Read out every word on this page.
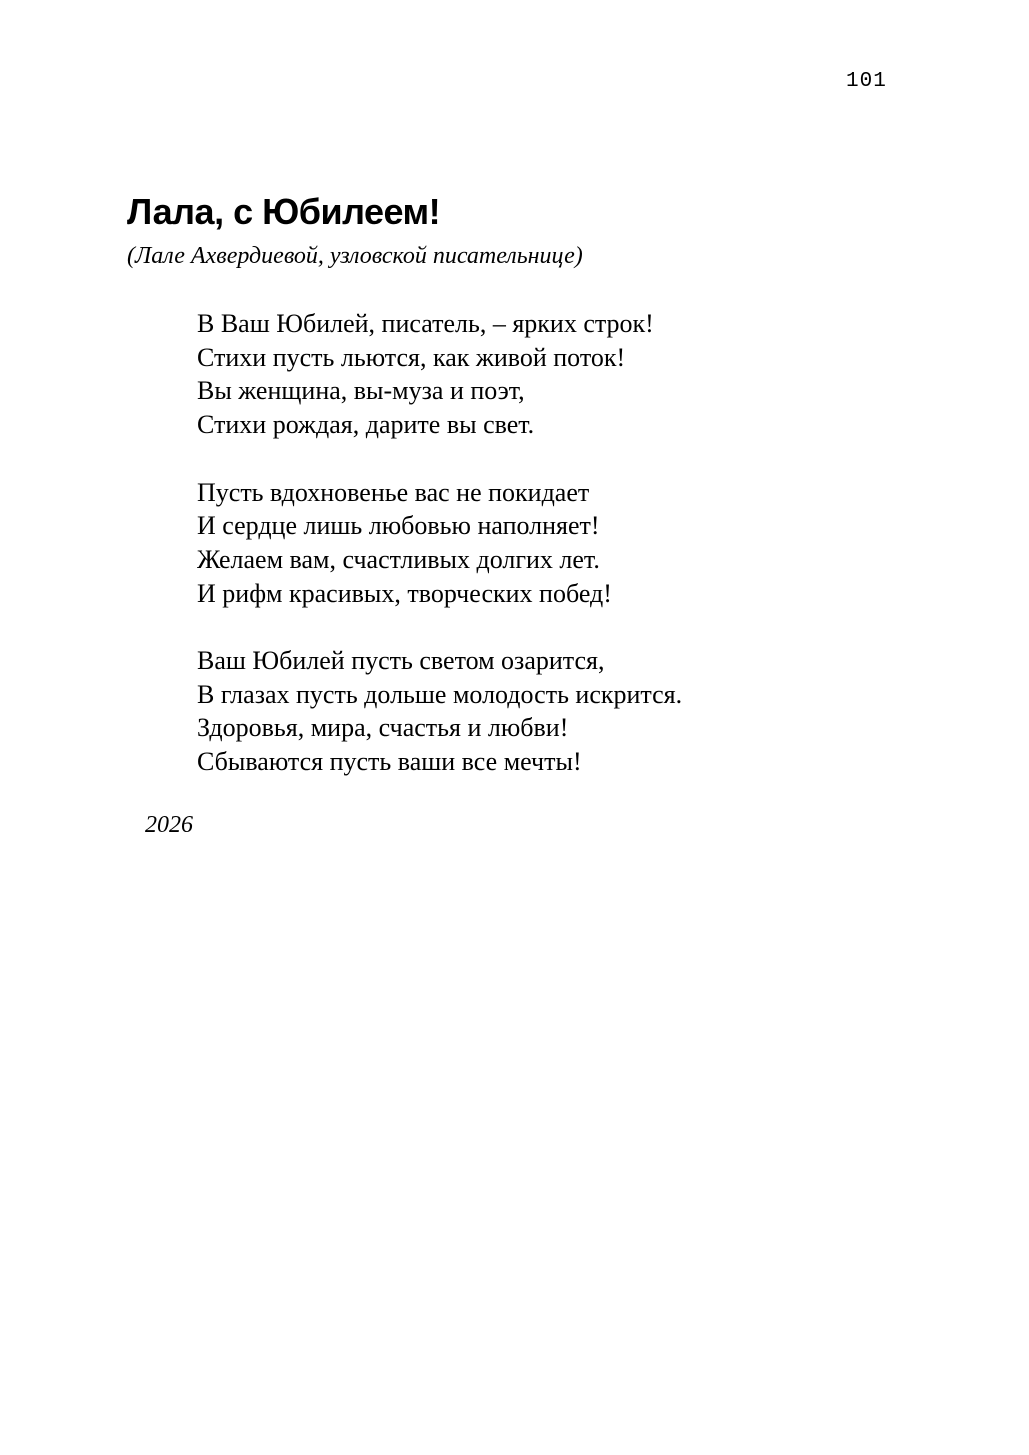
101
Лала, с Юбилеем!
(Лале Ахвердиевой, узловской писательнице)
В Ваш Юбилей, писатель, – ярких строк!
Стихи пусть льются, как живой поток!
Вы женщина, вы-муза и поэт,
Стихи рождая, дарите вы свет.
Пусть вдохновенье вас не покидает
И сердце лишь любовью наполняет!
Желаем вам, счастливых долгих лет.
И рифм красивых, творческих побед!
Ваш Юбилей пусть светом озарится,
В глазах пусть дольше молодость искрится.
Здоровья, мира, счастья и любви!
Сбываются пусть ваши все мечты!
2026
